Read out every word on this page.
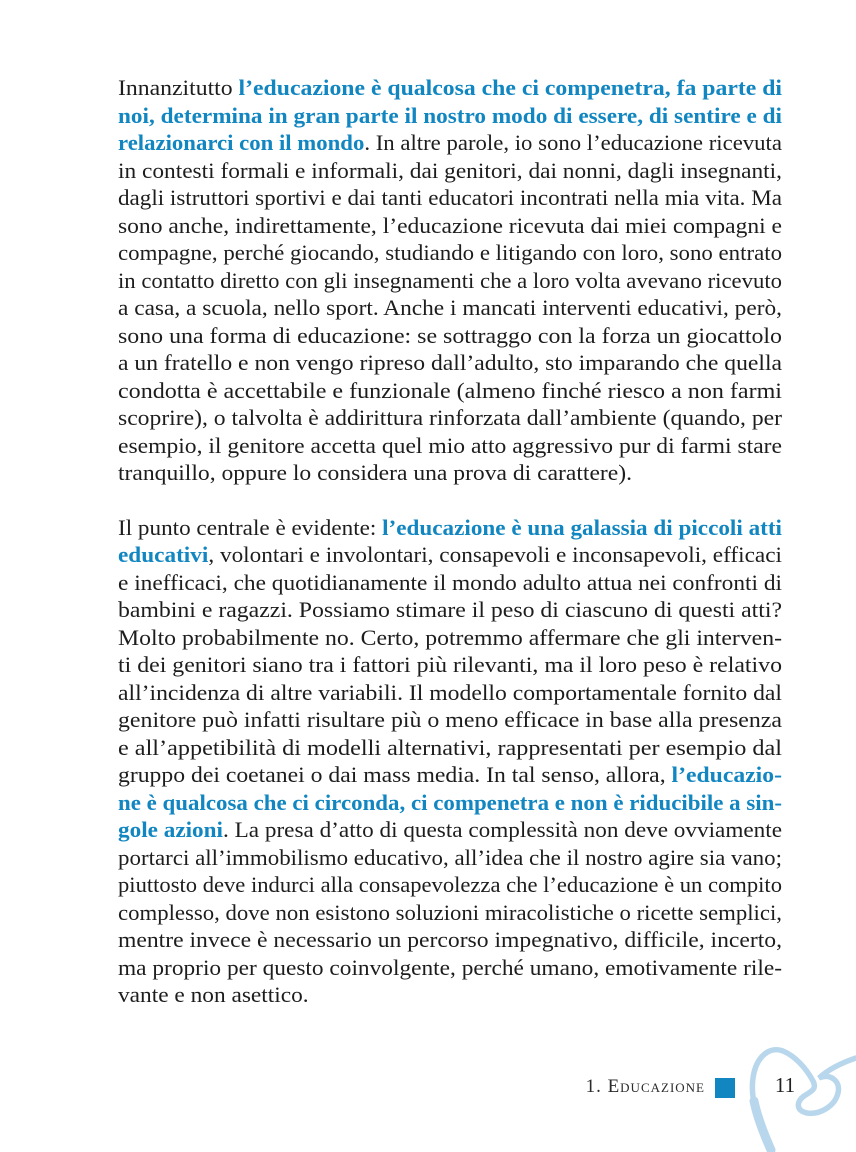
Innanzitutto l’educazione è qualcosa che ci compenetra, fa parte di
noi, determina in gran parte il nostro modo di essere, di sentire e di
relazionarci con il mondo. In altre parole, io sono l’educazione ricevuta
in contesti formali e informali, dai genitori, dai nonni, dagli insegnanti,
dagli istruttori sportivi e dai tanti educatori incontrati nella mia vita. Ma
sono anche, indirettamente, l’educazione ricevuta dai miei compagni e
compagne, perché giocando, studiando e litigando con loro, sono entrato
in contatto diretto con gli insegnamenti che a loro volta avevano ricevuto
a casa, a scuola, nello sport. Anche i mancati interventi educativi, però,
sono una forma di educazione: se sottraggo con la forza un giocattolo
a un fratello e non vengo ripreso dall’adulto, sto imparando che quella
condotta è accettabile e funzionale (almeno finché riesco a non farmi
scoprire), o talvolta è addirittura rinforzata dall’ambiente (quando, per
esempio, il genitore accetta quel mio atto aggressivo pur di farmi stare
tranquillo, oppure lo considera una prova di carattere).
Il punto centrale è evidente: l’educazione è una galassia di piccoli atti
educativi, volontari e involontari, consapevoli e inconsapevoli, efficaci
e inefficaci, che quotidianamente il mondo adulto attua nei confronti di
bambini e ragazzi. Possiamo stimare il peso di ciascuno di questi atti?
Molto probabilmente no. Certo, potremmo affermare che gli interven-
ti dei genitori siano tra i fattori più rilevanti, ma il loro peso è relativo
all’incidenza di altre variabili. Il modello comportamentale fornito dal
genitore può infatti risultare più o meno efficace in base alla presenza
e all’appetibilità di modelli alternativi, rappresentati per esempio dal
gruppo dei coetanei o dai mass media. In tal senso, allora, l’educazio-
ne è qualcosa che ci circonda, ci compenetra e non è riducibile a sin-
gole azioni. La presa d’atto di questa complessità non deve ovviamente
portarci all’immobilismo educativo, all’idea che il nostro agire sia vano;
piuttosto deve indurci alla consapevolezza che l’educazione è un compito
complesso, dove non esistono soluzioni miracolistiche o ricette semplici,
mentre invece è necessario un percorso impegnativo, difficile, incerto,
ma proprio per questo coinvolgente, perché umano, emotivamente rile-
vante e non asettico.
1. Educazione	11
